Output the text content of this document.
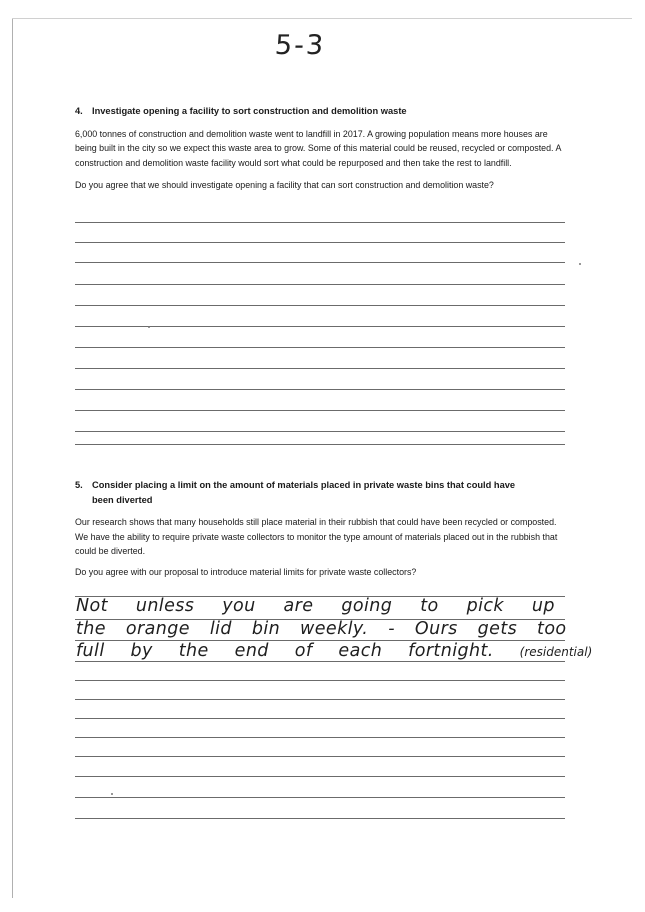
5-3
4. Investigate opening a facility to sort construction and demolition waste

6,000 tonnes of construction and demolition waste went to landfill in 2017. A growing population means more houses are being built in the city so we expect this waste area to grow. Some of this material could be reused, recycled or composted. A construction and demolition waste facility would sort what could be repurposed and then take the rest to landfill.

Do you agree that we should investigate opening a facility that can sort construction and demolition waste?

5. Consider placing a limit on the amount of materials placed in private waste bins that could have been diverted

Our research shows that many households still place material in their rubbish that could have been recycled or composted. We have the ability to require private waste collectors to monitor the type amount of materials placed out in the rubbish that could be diverted.

Do you agree with our proposal to introduce material limits for private waste collectors?

Not unless you are going to pick up
the orange lid bin weekly. - Ours gets too
full by the end of each fortnight. (residential)
